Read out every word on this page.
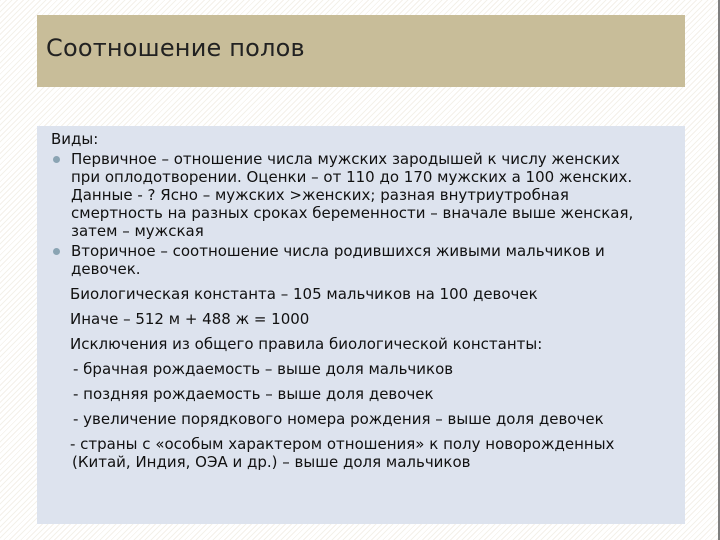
Соотношение полов
Виды:
Первичное – отношение числа мужских зародышей к числу женских
при оплодотворении. Оценки – от 110 до 170 мужских а 100 женских.
Данные - ? Ясно – мужских >женских; разная внутриутробная
смертность на разных сроках беременности – вначале выше женская,
затем – мужская
Вторичное – соотношение числа родившихся живыми мальчиков и
девочек.
Биологическая константа – 105 мальчиков на 100 девочек
Иначе – 512 м + 488 ж = 1000
Исключения из общего правила биологической константы:
- брачная рождаемость – выше доля мальчиков
- поздняя рождаемость – выше доля девочек
- увеличение порядкового номера рождения – выше доля девочек
- страны с «особым характером отношения» к полу новорожденных
(Китай, Индия, ОЭА и др.) – выше доля мальчиков
